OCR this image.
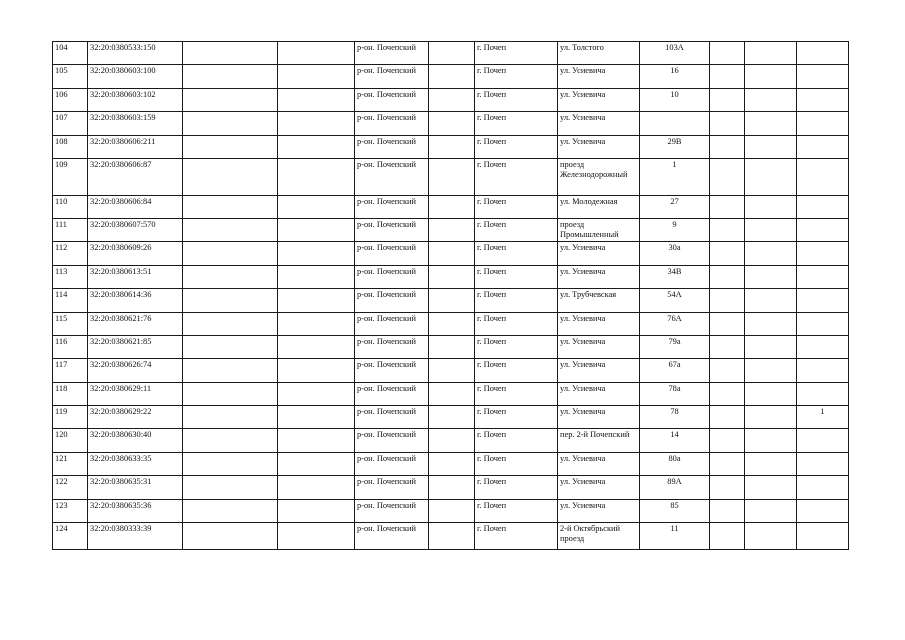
104	32:20:0380533:150			р-он. Почепский		г. Почеп	ул. Толстого	103А			
105	32:20:0380603:100			р-он. Почепский		г. Почеп	ул. Усиевича	16			
106	32:20:0380603:102			р-он. Почепский		г. Почеп	ул. Усиевича	10			
107	32:20:0380603:159			р-он. Почепский		г. Почеп	ул. Усиевича				
108	32:20:0380606:211			р-он. Почепский		г. Почеп	ул. Усиевича	29В			
109	32:20:0380606:87			р-он. Почепский		г. Почеп	проезд Железнодорожный	1			
110	32:20:0380606:84			р-он. Почепский		г. Почеп	ул. Молодежная	27			
111	32:20:0380607:570			р-он. Почепский		г. Почеп	проезд Промышленный	9			
112	32:20:0380609:26			р-он. Почепский		г. Почеп	ул. Усиевича	30а			
113	32:20:0380613:51			р-он. Почепский		г. Почеп	ул. Усиевича	34В			
114	32:20:0380614:36			р-он. Почепский		г. Почеп	ул. Трубчевская	54А			
115	32:20:0380621:76			р-он. Почепский		г. Почеп	ул. Усиевича	76А			
116	32:20:0380621:85			р-он. Почепский		г. Почеп	ул. Усиевича	79а			
117	32:20:0380626:74			р-он. Почепский		г. Почеп	ул. Усиевича	67а			
118	32:20:0380629:11			р-он. Почепский		г. Почеп	ул. Усиевича	78а			
119	32:20:0380629:22			р-он. Почепский		г. Почеп	ул. Усиевича	78			1
120	32:20:0380630:40			р-он. Почепский		г. Почеп	пер. 2-й Почепский	14			
121	32:20:0380633:35			р-он. Почепский		г. Почеп	ул. Усиевича	80а			
122	32:20:0380635:31			р-он. Почепский		г. Почеп	ул. Усиевича	89А			
123	32:20:0380635:36			р-он. Почепский		г. Почеп	ул. Усиевича	85			
124	32:20:0380333:39			р-он. Почепский		г. Почеп	2-й Октябрьский проезд	11			
